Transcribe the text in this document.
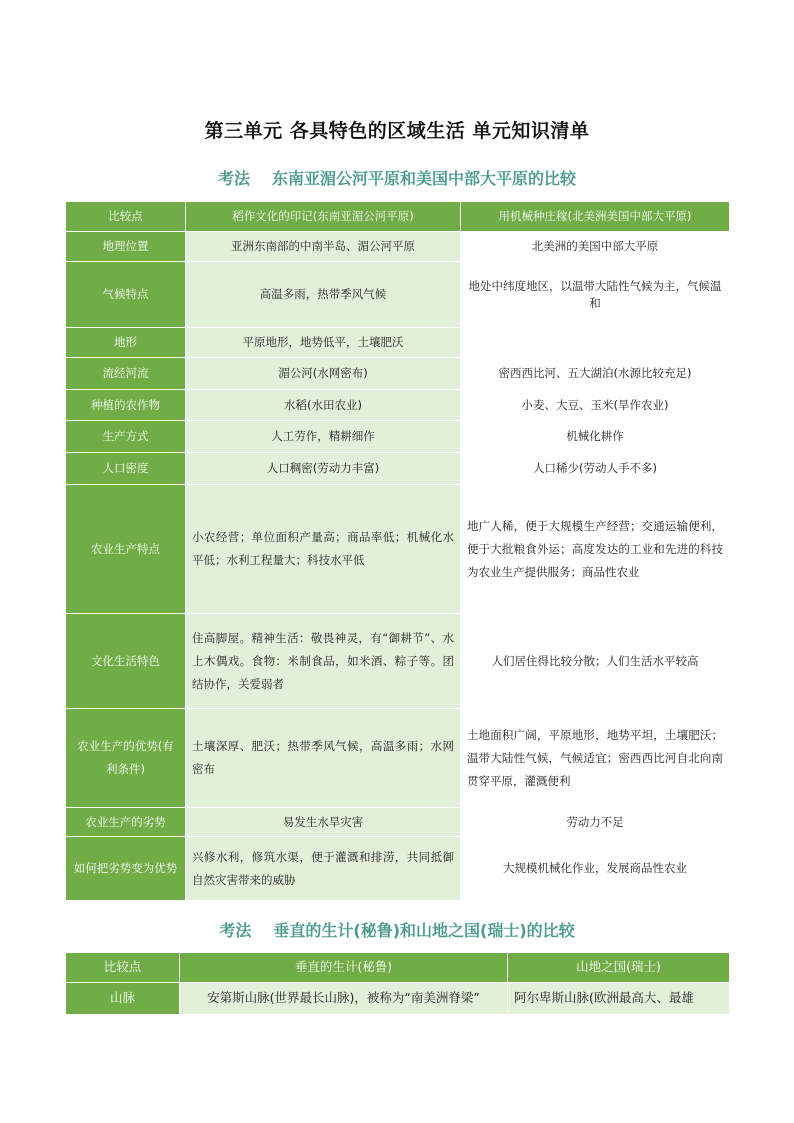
第三单元 各具特色的区域生活 单元知识清单
考法 东南亚湄公河平原和美国中部大平原的比较
比较点	稻作文化的印记(东南亚湄公河平原)	用机械种庄稼(北美洲美国中部大平原)
地理位置	亚洲东南部的中南半岛、湄公河平原	北美洲的美国中部大平原
气候特点	高温多雨，热带季风气候	地处中纬度地区，以温带大陆性气候为主，气候温和
地形	平原地形，地势低平，土壤肥沃	
流经河流	湄公河(水网密布)	密西西比河、五大湖泊(水源比较充足)
种植的农作物	水稻(水田农业)	小麦、大豆、玉米(旱作农业)
生产方式	人工劳作，精耕细作	机械化耕作
人口密度	人口稠密(劳动力丰富)	人口稀少(劳动人手不多)
农业生产特点	小农经营；单位面积产量高；商品率低；机械化水平低；水利工程量大；科技水平低	地广人稀，便于大规模生产经营；交通运输便利，便于大批粮食外运；高度发达的工业和先进的科技为农业生产提供服务；商品性农业
文化生活特色	住高脚屋。精神生活：敬畏神灵，有“御耕节”、水上木偶戏。食物：米制食品，如米酒、粽子等。团结协作，关爱弱者	人们居住得比较分散；人们生活水平较高
农业生产的优势(有利条件)	土壤深厚、肥沃；热带季风气候，高温多雨；水网密布	土地面积广阔，平原地形，地势平坦，土壤肥沃；温带大陆性气候，气候适宜；密西西比河自北向南贯穿平原，灌溉便利
农业生产的劣势	易发生水旱灾害	劳动力不足
如何把劣势变为优势	兴修水利，修筑水渠，便于灌溉和排涝，共同抵御自然灾害带来的威胁	大规模机械化作业，发展商品性农业
考法 垂直的生计(秘鲁)和山地之国(瑞士)的比较
比较点	垂直的生计(秘鲁)	山地之国(瑞士)
山脉	安第斯山脉(世界最长山脉)，被称为“南美洲脊梁”	阿尔卑斯山脉(欧洲最高大、最雄
